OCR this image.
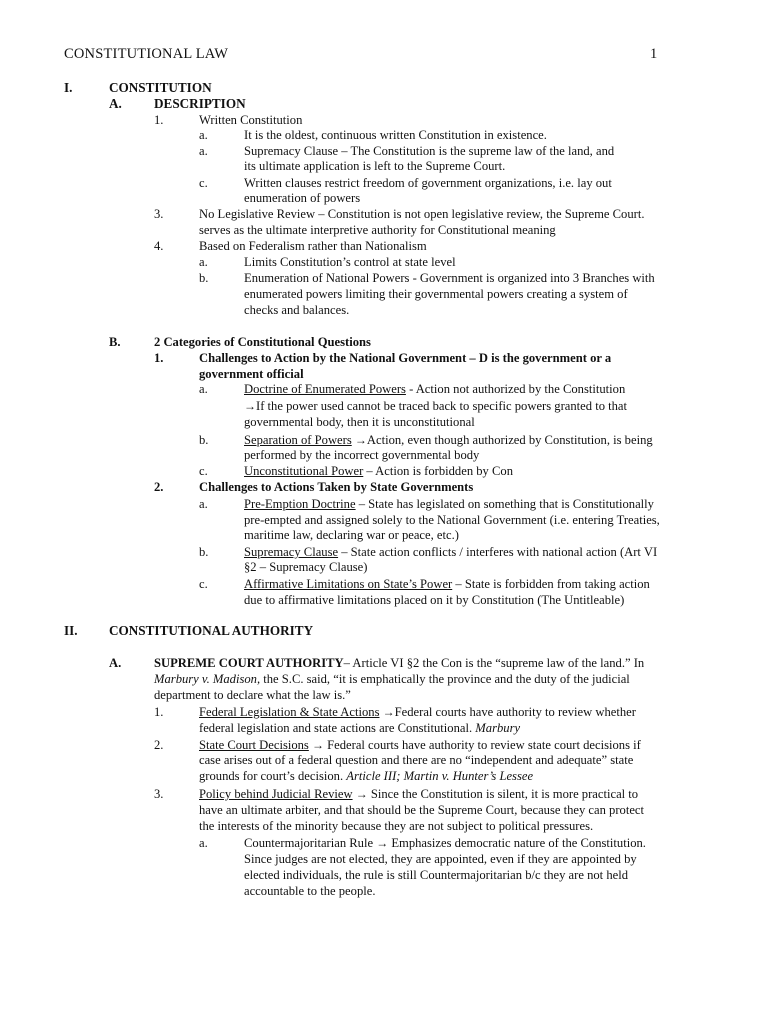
CONSTITUTIONAL LAW	1
I.	CONSTITUTION
A. DESCRIPTION
1.	Written Constitution
a.	It is the oldest, continuous written Constitution in existence.
a.	Supremacy Clause – The Constitution is the supreme law of the land, and
its ultimate application is left to the Supreme Court.
c.	Written clauses restrict freedom of government organizations, i.e. lay out
enumeration of powers
3.	No Legislative Review – Constitution is not open legislative review, the Supreme Court.
serves as the ultimate interpretive authority for Constitutional meaning
4.	Based on Federalism rather than Nationalism
a.	Limits Constitution’s control at state level
b.	Enumeration of National Powers - Government is organized into 3 Branches with
enumerated powers limiting their governmental powers creating a system of
checks and balances.
B.	2 Categories of Constitutional Questions
1.	Challenges to Action by the National Government – D is the government or a
government official
a.	Doctrine of Enumerated Powers - Action not authorized by the Constitution
→If the power used cannot be traced back to specific powers granted to that
governmental body, then it is unconstitutional
b.	Separation of Powers →Action, even though authorized by Constitution, is being
performed by the incorrect governmental body
c.	Unconstitutional Power – Action is forbidden by Con
2.	Challenges to Actions Taken by State Governments
a.	Pre-Emption Doctrine – State has legislated on something that is Constitutionally
pre-empted and assigned solely to the National Government (i.e. entering Treaties,
maritime law, declaring war or peace, etc.)
b.	Supremacy Clause – State action conflicts / interferes with national action (Art VI
§2 – Supremacy Clause)
c.	Affirmative Limitations on State’s Power – State is forbidden from taking action
due to affirmative limitations placed on it by Constitution (The Untitleable)
II. CONSTITUTIONAL AUTHORITY
A.	SUPREME COURT AUTHORITY– Article VI §2 the Con is the “supreme law of the land.” In
Marbury v. Madison, the S.C. said, “it is emphatically the province and the duty of the judicial
department to declare what the law is.”
1.	Federal Legislation & State Actions →Federal courts have authority to review whether
federal legislation and state actions are Constitutional. Marbury
2.	State Court Decisions → Federal courts have authority to review state court decisions if
case arises out of a federal question and there are no “independent and adequate” state
grounds for court’s decision. Article III; Martin v. Hunter’s Lessee
3.	Policy behind Judicial Review → Since the Constitution is silent, it is more practical to
have an ultimate arbiter, and that should be the Supreme Court, because they can protect
the interests of the minority because they are not subject to political pressures.
a.	Countermajoritarian Rule → Emphasizes democratic nature of the Constitution.
Since judges are not elected, they are appointed, even if they are appointed by
elected individuals, the rule is still Countermajoritarian b/c they are not held
accountable to the people.
